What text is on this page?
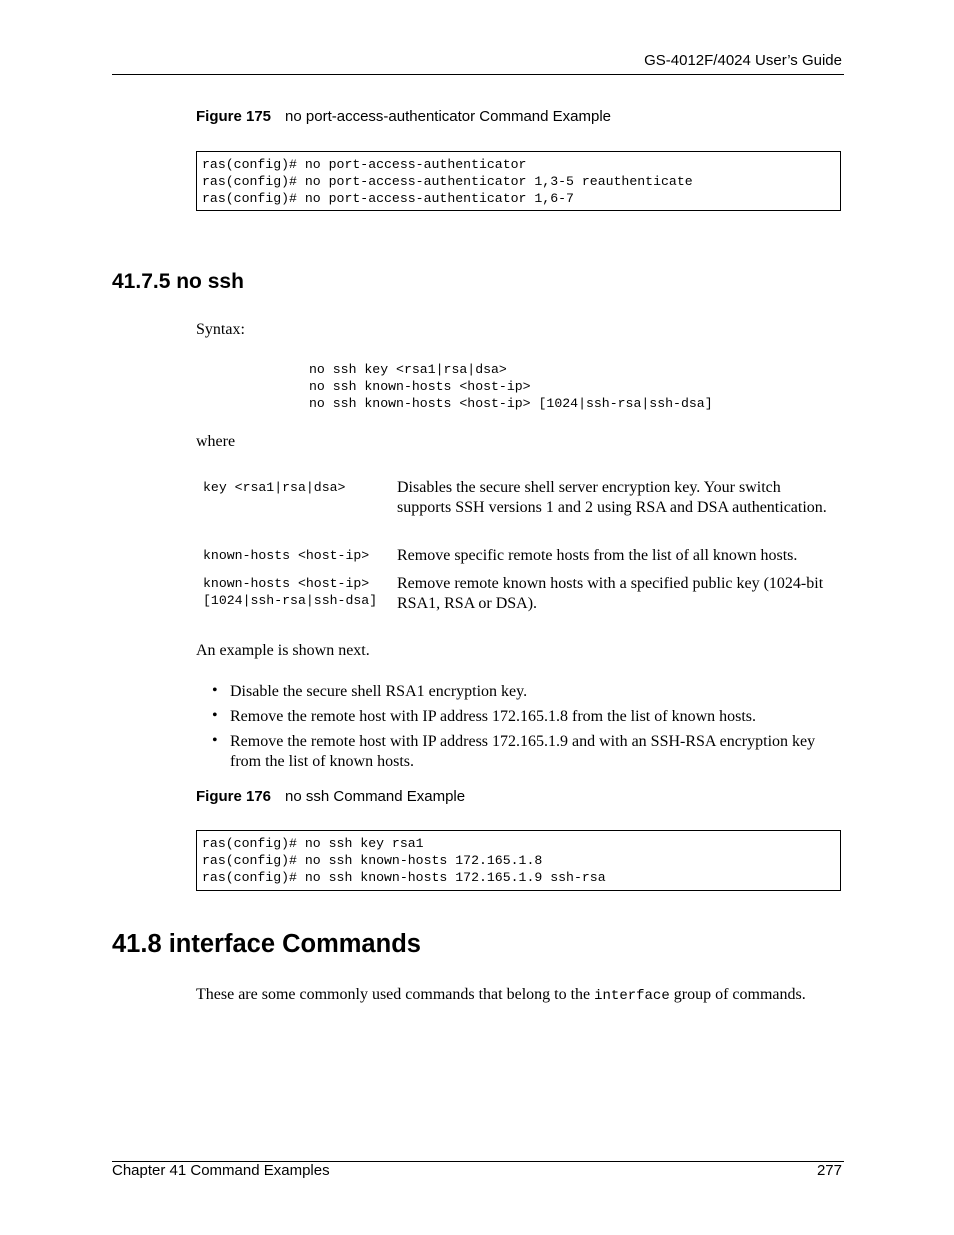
GS-4012F/4024 User’s Guide
Figure 175 no port-access-authenticator Command Example
ras(config)# no port-access-authenticator
ras(config)# no port-access-authenticator 1,3-5 reauthenticate
ras(config)# no port-access-authenticator 1,6-7
41.7.5 no ssh
Syntax:
no ssh key <rsa1|rsa|dsa>
no ssh known-hosts <host-ip>
no ssh known-hosts <host-ip> [1024|ssh-rsa|ssh-dsa]
where
key <rsa1|rsa|dsa>	Disables the secure shell server encryption key. Your switch supports SSH versions 1 and 2 using RSA and DSA authentication.
known-hosts <host-ip> Remove specific remote hosts from the list of all known hosts.
known-hosts <host-ip>
[1024|ssh-rsa|ssh-dsa]
Remove remote known hosts with a specified public key (1024-bit RSA1, RSA or DSA).
An example is shown next.
• Disable the secure shell RSA1 encryption key.
• Remove the remote host with IP address 172.165.1.8 from the list of known hosts.
• Remove the remote host with IP address 172.165.1.9 and with an SSH-RSA encryption key from the list of known hosts.
Figure 176 no ssh Command Example
ras(config)# no ssh key rsa1
ras(config)# no ssh known-hosts 172.165.1.8
ras(config)# no ssh known-hosts 172.165.1.9 ssh-rsa
41.8 interface Commands
These are some commonly used commands that belong to the interface group of commands.
Chapter 41 Command Examples	277
